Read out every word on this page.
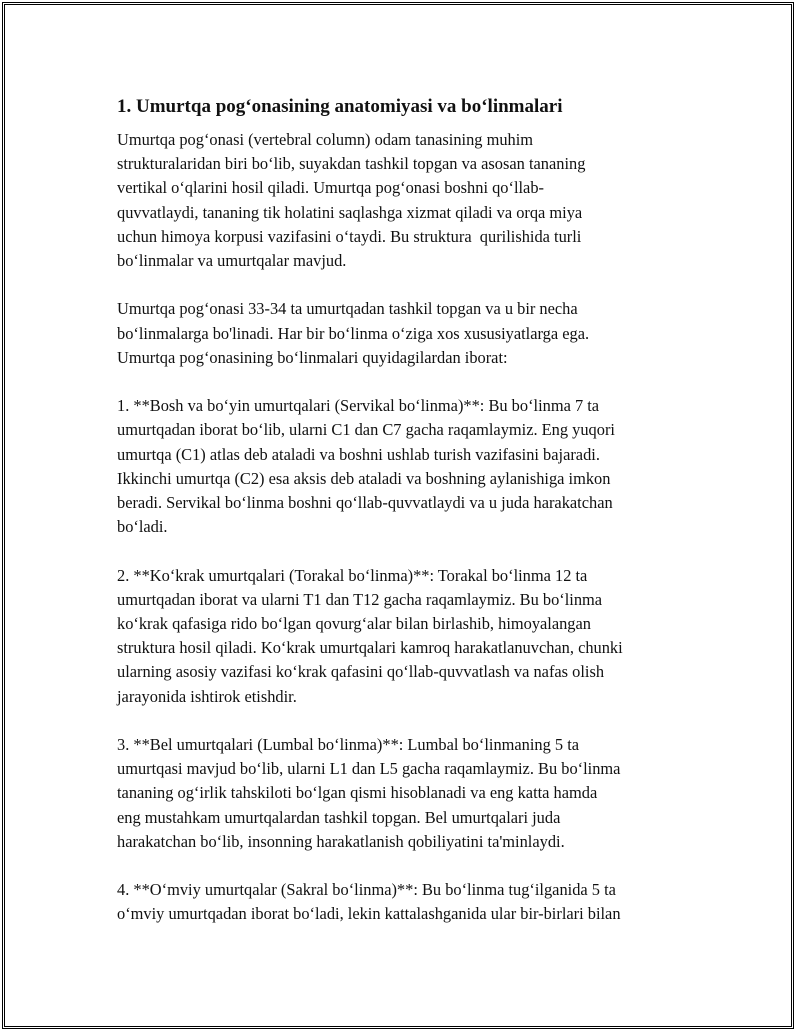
1. Umurtqa pog‘onasining anatomiyasi va bo‘linmalari

Umurtqa pog‘onasi (vertebral column) odam tanasining muhim
strukturalaridan biri bo‘lib, suyakdan tashkil topgan va asosan tananing
vertikal o‘qlarini hosil qiladi. Umurtqa pog‘onasi boshni qo‘llab-
quvvatlaydi, tananing tik holatini saqlashga xizmat qiladi va orqa miya
uchun himoya korpusi vazifasini o‘taydi. Bu struktura  qurilishida turli
bo‘linmalar va umurtqalar mavjud.

Umurtqa pog‘onasi 33-34 ta umurtqadan tashkil topgan va u bir necha
bo‘linmalarga bo'linadi. Har bir bo‘linma o‘ziga xos xususiyatlarga ega.
Umurtqa pog‘onasining bo‘linmalari quyidagilardan iborat:

1. **Bosh va bo‘yin umurtqalari (Servikal bo‘linma)**: Bu bo‘linma 7 ta
umurtqadan iborat bo‘lib, ularni C1 dan C7 gacha raqamlaymiz. Eng yuqori
umurtqa (C1) atlas deb ataladi va boshni ushlab turish vazifasini bajaradi.
Ikkinchi umurtqa (C2) esa aksis deb ataladi va boshning aylanishiga imkon
beradi. Servikal bo‘linma boshni qo‘llab-quvvatlaydi va u juda harakatchan
bo‘ladi.

2. **Ko‘krak umurtqalari (Torakal bo‘linma)**: Torakal bo‘linma 12 ta
umurtqadan iborat va ularni T1 dan T12 gacha raqamlaymiz. Bu bo‘linma
ko‘krak qafasiga rido bo‘lgan qovurg‘alar bilan birlashib, himoyalangan
struktura hosil qiladi. Ko‘krak umurtqalari kamroq harakatlanuvchan, chunki
ularning asosiy vazifasi ko‘krak qafasini qo‘llab-quvvatlash va nafas olish
jarayonida ishtirok etishdir.

3. **Bel umurtqalari (Lumbal bo‘linma)**: Lumbal bo‘linmaning 5 ta
umurtqasi mavjud bo‘lib, ularni L1 dan L5 gacha raqamlaymiz. Bu bo‘linma
tananing og‘irlik tahskiloti bo‘lgan qismi hisoblanadi va eng katta hamda
eng mustahkam umurtqalardan tashkil topgan. Bel umurtqalari juda
harakatchan bo‘lib, insonning harakatlanish qobiliyatini ta'minlaydi.

4. **O‘mviy umurtqalar (Sakral bo‘linma)**: Bu bo‘linma tug‘ilganida 5 ta
o‘mviy umurtqadan iborat bo‘ladi, lekin kattalashganida ular bir-birlari bilan
